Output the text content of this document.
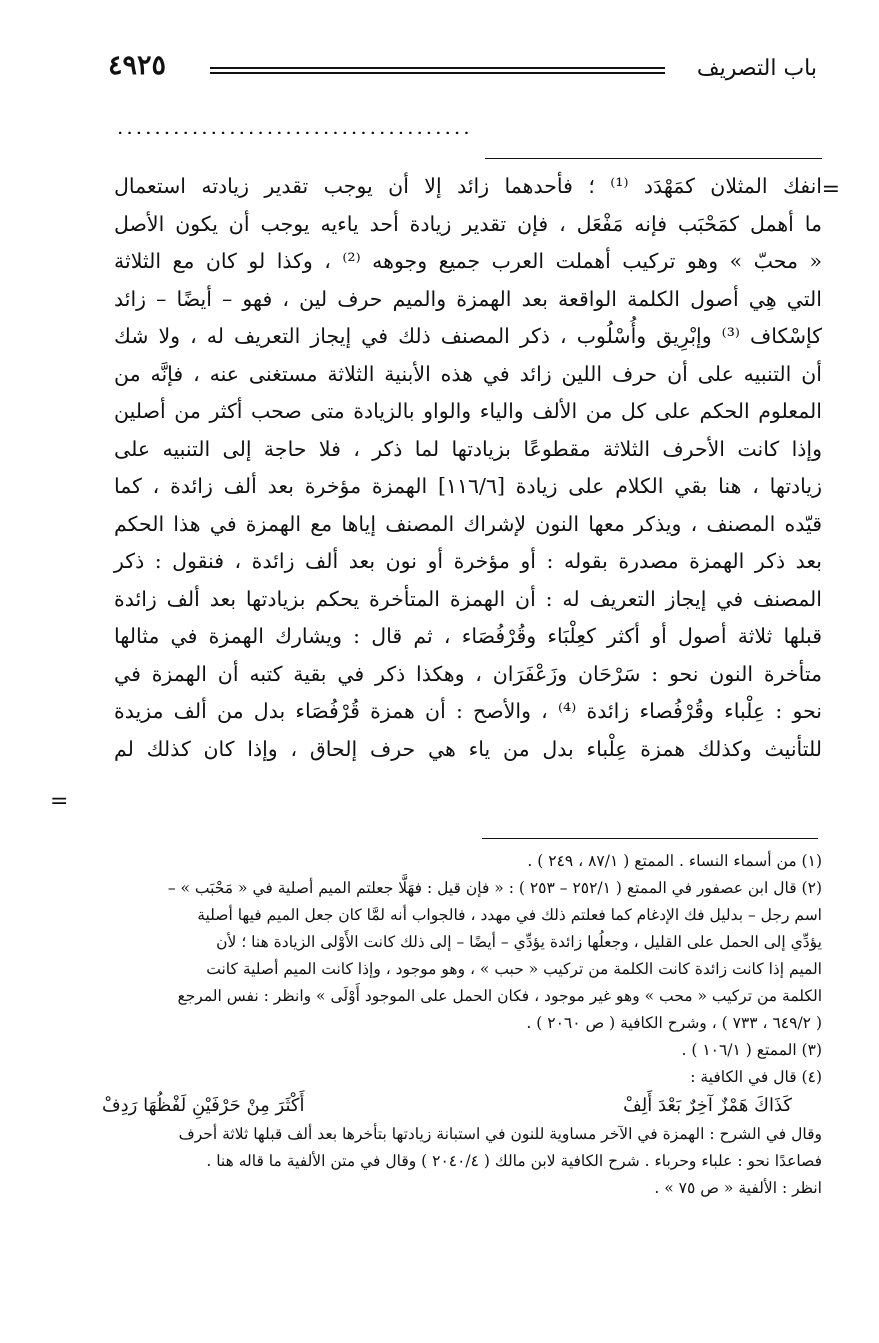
باب التصريف
٤٩٢٥
......................................
=
=

انفك المثلان كمَهْدَد ⁽¹⁾ ؛ فأحدهما زائد إلا أن يوجب تقدير زيادته استعمال

ما أهمل كمَحْبَب فإنه مَفْعَل ، فإن تقدير زيادة أحد ياءيه يوجب أن يكون الأصل

« محبّ » وهو تركيب أهملت العرب جميع وجوهه ⁽²⁾ ، وكذا لو كان مع الثلاثة

التي هِي أصول الكلمة الواقعة بعد الهمزة والميم حرف لين ، فهو – أيضًا – زائد

كإسْكاف ⁽³⁾ وإبْرِيق وأُسْلُوب ، ذكر المصنف ذلك في إيجاز التعريف له ، ولا شك

أن التنبيه على أن حرف اللين زائد في هذه الأبنية الثلاثة مستغنى عنه ، فإنَّه من

المعلوم الحكم على كل من الألف والياء والواو بالزيادة متى صحب أكثر من أصلين

وإذا كانت الأحرف الثلاثة مقطوعًا بزيادتها لما ذكر ، فلا حاجة إلى التنبيه على

زيادتها ، هنا بقي الكلام على زيادة [١١٦/٦] الهمزة مؤخرة بعد ألف زائدة ، كما

قيّده المصنف ، ويذكر معها النون لإشراك المصنف إياها مع الهمزة في هذا الحكم

بعد ذكر الهمزة مصدرة بقوله : أو مؤخرة أو نون بعد ألف زائدة ، فنقول : ذكر

المصنف في إيجاز التعريف له : أن الهمزة المتأخرة يحكم بزيادتها بعد ألف زائدة

قبلها ثلاثة أصول أو أكثر كعِلْبَاء وقُرْفُصَاء ، ثم قال : ويشارك الهمزة في مثالها

متأخرة النون نحو : سَرْحَان وزَعْفَرَان ، وهكذا ذكر في بقية كتبه أن الهمزة في

نحو : عِلْباء وقُرْفُصاء زائدة ⁽⁴⁾ ، والأصح : أن همزة قُرْفُصَاء بدل من ألف مزيدة

للتأنيث وكذلك همزة عِلْباء بدل من ياء هي حرف إلحاق ، وإذا كان كذلك لم

(١) من أسماء النساء . الممتع ( ٨٧/١ ، ٢٤٩ ) .

(٢) قال ابن عصفور في الممتع ( ٢٥٢/١ – ٢٥٣ ) : « فإن قيل : فهَلَّا جعلتم الميم أصلية في « مَحْبَب » –

اسم رجل – بدليل فك الإدغام كما فعلتم ذلك في مهدد ، فالجواب أنه لمَّا كان جعل الميم فيها أصلية

يؤدِّي إلى الحمل على القليل ، وجعلُها زائدة يؤدِّي – أيضًا – إلى ذلك كانت الأَوْلى الزيادة هنا ؛ لأن

الميم إذا كانت زائدة كانت الكلمة من تركيب « حبب » ، وهو موجود ، وإذا كانت الميم أصلية كانت

الكلمة من تركيب « محب » وهو غير موجود ، فكان الحمل على الموجود أَوْلَى » وانظر : نفس المرجع

( ٦٤٩/٢ ، ٧٣٣ ) ، وشرح الكافية ( ص ٢٠٦٠ ) .

(٣) الممتع ( ١٠٦/١ ) .

(٤) قال في الكافية :

كَذَاكَ هَمْزٌ آخِرٌ بَعْدَ أَلِفْ
أَكْثَرَ مِنْ حَرْفَيْنِ لَفْظُهَا رَدِفْ

وقال في الشرح : الهمزة في الآخر مساوية للنون في استبانة زيادتها بتأخرها بعد ألف قبلها ثلاثة أحرف

فصاعدًا نحو : علباء وحرباء . شرح الكافية لابن مالك ( ٢٠٤٠/٤ ) وقال في متن الألفية ما قاله هنا .

انظر : الألفية « ص ٧٥ » .
